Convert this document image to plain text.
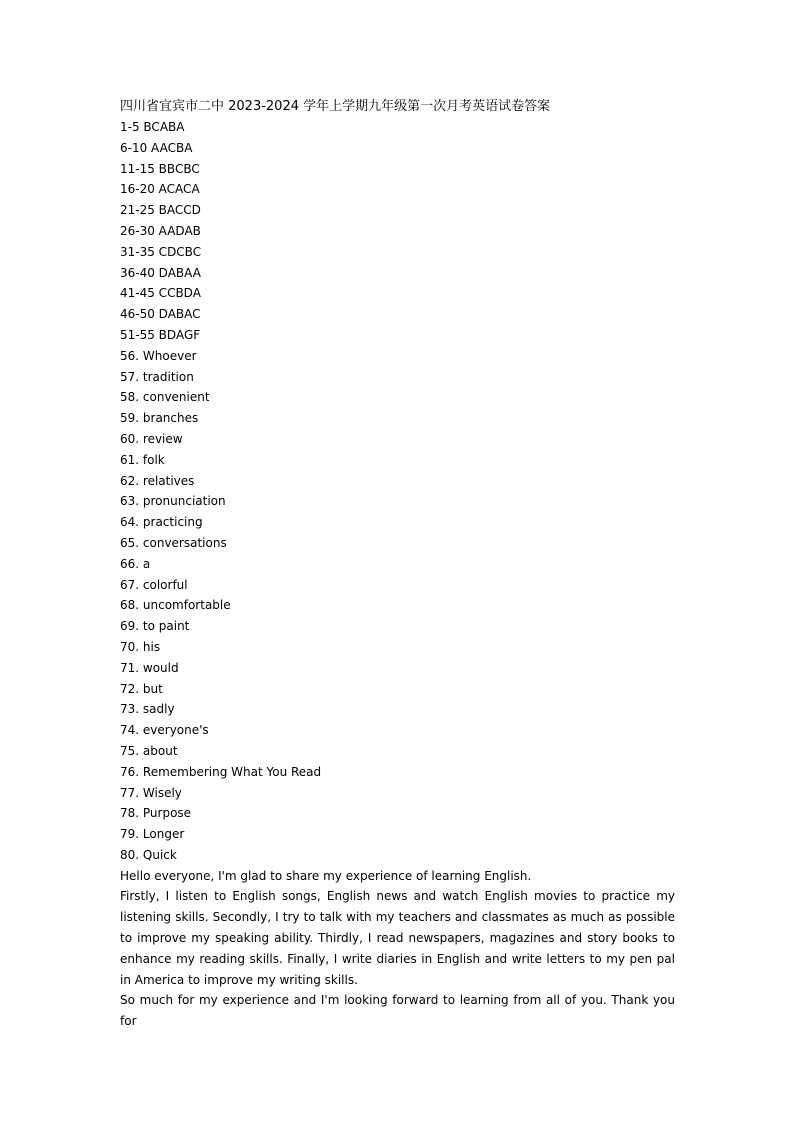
四川省宜宾市二中 2023-2024 学年上学期九年级第一次月考英语试卷答案
1-5 BCABA
6-10 AACBA
11-15 BBCBC
16-20 ACACA
21-25 BACCD
26-30 AADAB
31-35 CDCBC
36-40 DABAA
41-45 CCBDA
46-50 DABAC
51-55 BDAGF
56. Whoever
57. tradition
58. convenient
59. branches
60. review
61. folk
62. relatives
63. pronunciation
64. practicing
65. conversations
66. a
67. colorful
68. uncomfortable
69. to paint
70. his
71. would
72. but
73. sadly
74. everyone's
75. about
76. Remembering What You Read
77. Wisely
78. Purpose
79. Longer
80. Quick

Hello everyone, I'm glad to share my experience of learning English.

Firstly, I listen to English songs, English news and watch English movies to practice my listening skills. Secondly, I try to talk with my teachers and classmates as much as possible to improve my speaking ability. Thirdly, I read newspapers, magazines and story books to enhance my reading skills. Finally, I write diaries in English and write letters to my pen pal in America to improve my writing skills.

So much for my experience and I'm looking forward to learning from all of you. Thank you for
